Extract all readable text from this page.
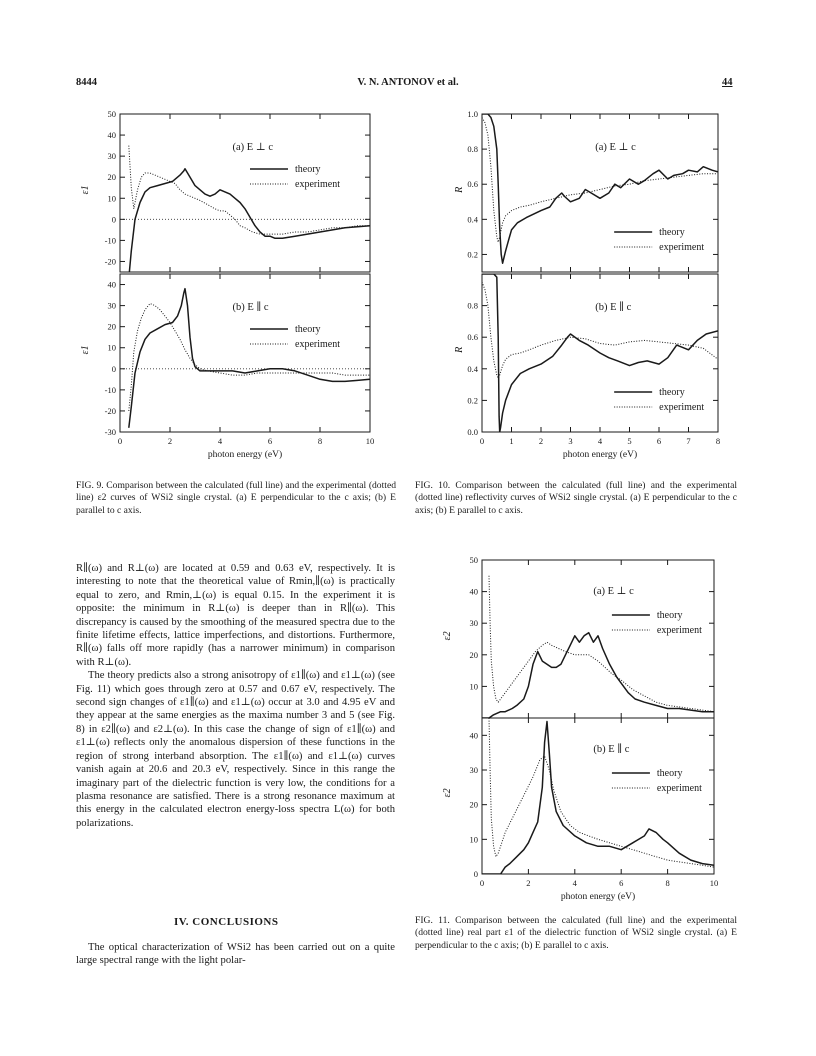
8444	V. N. ANTONOV et al.	44
50
40
30
20
10
0
-10
-20
ε1
(a) E ⊥ c
theory
experiment
40
30
20
10
0
-10
-20
-30
0	2	4	6	8	10
ε1
(b) E ∥ c
theory
experiment
photon energy (eV)
FIG. 9. Comparison between the calculated (full line) and the experimental (dotted line) ε2 curves of WSi2 single crystal. (a) E perpendicular to the c axis; (b) E parallel to c axis.
1.0
0.8
0.6
0.4
0.2
R
(a) E ⊥ c
theory
experiment
0.8
0.6
0.4
0.2
0.0
0	1	2	3	4	5	6	7	8
R
(b) E ∥ c
theory
experiment
photon energy (eV)
FIG. 10. Comparison between the calculated (full line) and the experimental (dotted line) reflectivity curves of WSi2 single crystal. (a) E perpendicular to the c axis; (b) E parallel to c axis.
50
40
30
20
10
ε2
(a) E ⊥ c
theory
experiment
40
30
20
10
0
0	2	4	6	8	10
ε2
(b) E ∥ c
theory
experiment
photon energy (eV)
FIG. 11. Comparison between the calculated (full line) and the experimental (dotted line) real part ε1 of the dielectric function of WSi2 single crystal. (a) E perpendicular to the c axis; (b) E parallel to c axis.

R∥(ω) and R⊥(ω) are located at 0.59 and 0.63 eV, respectively. It is interesting to note that the theoretical value of Rmin,∥(ω) is practically equal to zero, and Rmin,⊥(ω) is equal 0.15. In the experiment it is opposite: the minimum in R⊥(ω) is deeper than in R∥(ω). This discrepancy is caused by the smoothing of the measured spectra due to the finite lifetime effects, lattice imperfections, and distortions. Furthermore, R∥(ω) falls off more rapidly (has a narrower minimum) in comparison with R⊥(ω).

The theory predicts also a strong anisotropy of ε1∥(ω) and ε1⊥(ω) (see Fig. 11) which goes through zero at 0.57 and 0.67 eV, respectively. The second sign changes of ε1∥(ω) and ε1⊥(ω) occur at 3.0 and 4.95 eV and they appear at the same energies as the maxima number 3 and 5 (see Fig. 8) in ε2∥(ω) and ε2⊥(ω). In this case the change of sign of ε1∥(ω) and ε1⊥(ω) reflects only the anomalous dispersion of these functions in the region of strong interband absorption. The ε1∥(ω) and ε1⊥(ω) curves vanish again at 20.6 and 20.3 eV, respectively. Since in this range the imaginary part of the dielectric function is very low, the conditions for a plasma resonance are satisfied. There is a strong resonance maximum at this energy in the calculated electron energy-loss spectra L(ω) for both polarizations.

IV. CONCLUSIONS

The optical characterization of WSi2 has been carried out on a quite large spectral range with the light polar-
